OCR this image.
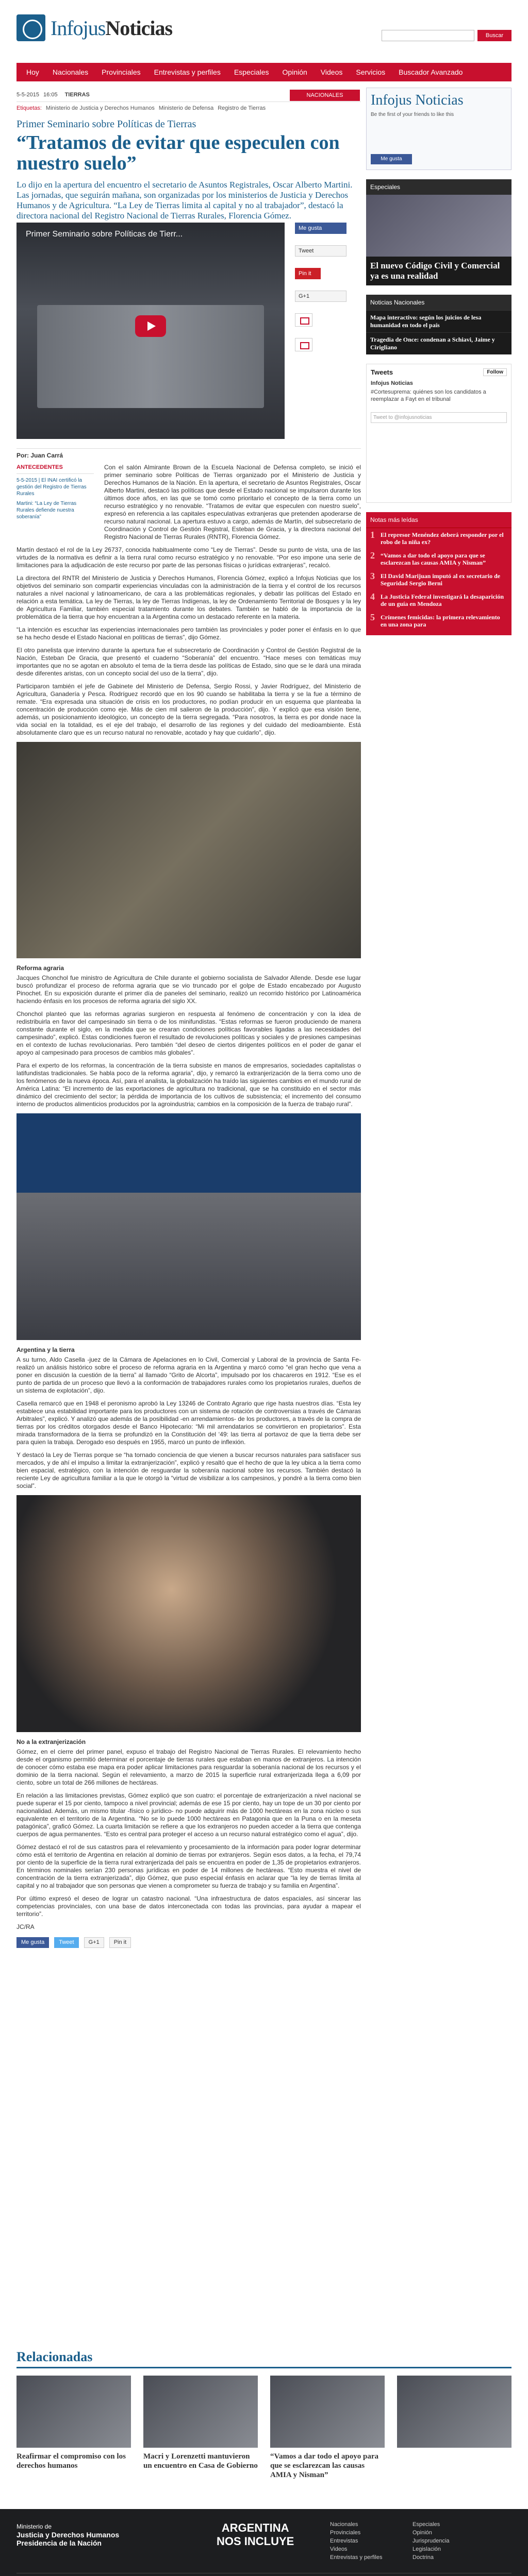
InfojusNoticias	Buscar
Hoy	Nacionales	Provinciales	Entrevistas y perfiles	Especiales	Opinión	Videos	Servicios	Buscador Avanzado
5-5-2015 16:05 TIERRAS	NACIONALES
Etiquetas: Ministerio de Justicia y Derechos Humanos Ministerio de Defensa Registro de Tierras
Primer Seminario sobre Políticas de Tierras
“Tratamos de evitar que especulen con nuestro suelo”
Lo dijo en la apertura del encuentro el secretario de Asuntos Registrales, Oscar Alberto Martini. Las jornadas, que seguirán mañana, son organizadas por los ministerios de Justicia y Derechos Humanos y de Agricultura. “La Ley de Tierras limita al capital y no al trabajador”, destacó la directora nacional del Registro Nacional de Tierras Rurales, Florencia Gómez.
Primer Seminario sobre Políticas de Tierr...
Me gusta
Tweet
Pin it
G+1
Por: Juan Carrá
ANTECEDENTES
5-5-2015 | El INAI certificó la gestión del Registro de Tierras Rurales
Martini: “La Ley de Tierras Rurales defiende nuestra soberanía”

Con el salón Almirante Brown de la Escuela Nacional de Defensa completo, se inició el primer seminario sobre Políticas de Tierras organizado por el Ministerio de Justicia y Derechos Humanos de la Nación. En la apertura, el secretario de Asuntos Registrales, Oscar Alberto Martini, destacó las políticas que desde el Estado nacional se impulsaron durante los últimos doce años, en las que se tomó como prioritario el concepto de la tierra como un recurso estratégico y no renovable. “Tratamos de evitar que especulen con nuestro suelo”, expresó en referencia a las capitales especulativas extranjeras que pretenden apoderarse de recurso natural nacional. La apertura estuvo a cargo, además de Martín, del subsecretario de Coordinación y Control de Gestión Registral, Esteban de Gracia, y la directora nacional del Registro Nacional de Tierras Rurales (RNTR), Florencia Gómez.

Martín destacó el rol de la Ley 26737, conocida habitualmente como “Ley de Tierras”. Desde su punto de vista, una de las virtudes de la normativa es definir a la tierra rural como recurso estratégico y no renovable. “Por eso impone una serie de limitaciones para la adjudicación de este recurso por parte de las personas físicas o jurídicas extranjeras”, recalcó.

La directora del RNTR del Ministerio de Justicia y Derechos Humanos, Florencia Gómez, explicó a Infojus Noticias que los objetivos del seminario son compartir experiencias vinculadas con la administración de la tierra y el control de los recursos naturales a nivel nacional y latinoamericano, de cara a las problemáticas regionales, y debatir las políticas del Estado en relación a esta temática. La ley de Tierras, la ley de Tierras Indígenas, la ley de Ordenamiento Territorial de Bosques y la ley de Agricultura Familiar, también especial tratamiento durante los debates. También se habló de la importancia de la problemática de la tierra que hoy encuentran a la Argentina como un destacado referente en la materia.

“La intención es escuchar las experiencias internacionales pero también las provinciales y poder poner el énfasis en lo que se ha hecho desde el Estado Nacional en políticas de tierras”, dijo Gómez.

El otro panelista que intervino durante la apertura fue el subsecretario de Coordinación y Control de Gestión Registral de la Nación, Esteban De Gracia, que presentó el cuaderno “Soberanía” del encuentro. “Hace meses con temáticas muy importantes que no se agotan en absoluto el tema de la tierra desde las políticas de Estado, sino que se le dará una mirada desde diferentes aristas, con un concepto social del uso de la tierra”, dijo.

Participaron también el jefe de Gabinete del Ministerio de Defensa, Sergio Rossi, y Javier Rodríguez, del Ministerio de Agricultura, Ganadería y Pesca. Rodríguez recordó que en los 90 cuando se habilitaba la tierra y se la fue a término de remate. “Era expresada una situación de crisis en los productores, no podían producir en un esquema que planteaba la concentración de producción como eje. Más de cien mil salieron de la producción”, dijo. Y explicó que esa visión tiene, además, un posicionamiento ideológico, un concepto de la tierra segregada. “Para nosotros, la tierra es por donde nace la vida social en la totalidad, es el eje del trabajo, el desarrollo de las regiones y del cuidado del medioambiente. Está absolutamente claro que es un recurso natural no renovable, acotado y hay que cuidarlo”, dijo.

Reforma agraria

Jacques Chonchol fue ministro de Agricultura de Chile durante el gobierno socialista de Salvador Allende. Desde ese lugar buscó profundizar el proceso de reforma agraria que se vio truncado por el golpe de Estado encabezado por Augusto Pinochet. En su exposición durante el primer día de paneles del seminario, realizó un recorrido histórico por Latinoamérica haciendo énfasis en los procesos de reforma agraria del siglo XX.

Chonchol planteó que las reformas agrarias surgieron en respuesta al fenómeno de concentración y con la idea de redistribuirla en favor del campesinado sin tierra o de los minifundistas. “Estas reformas se fueron produciendo de manera constante durante el siglo, en la medida que se crearan condiciones políticas favorables ligadas a las necesidades del campesinado”, explicó. Estas condiciones fueron el resultado de revoluciones políticas y sociales y de presiones campesinas en el contexto de luchas revolucionarias. Pero también “del deseo de ciertos dirigentes políticos en el poder de ganar el apoyo al campesinado para procesos de cambios más globales”.

Para el experto de los reformas, la concentración de la tierra subsiste en manos de empresarios, sociedades capitalistas o latifundistas tradicionales. Se habla poco de la reforma agraria”, dijo, y remarcó la extranjerización de la tierra como uno de los fenómenos de la nueva época. Así, para el analista, la globalización ha traído las siguientes cambios en el mundo rural de América Latina: “El incremento de las exportaciones de agricultura no tradicional, que se ha constituido en el sector más dinámico del crecimiento del sector; la pérdida de importancia de los cultivos de subsistencia; el incremento del consumo interno de productos alimenticios producidos por la agroindustria; cambios en la composición de la fuerza de trabajo rural”.

Argentina y la tierra

A su turno, Aldo Casella -juez de la Cámara de Apelaciones en lo Civil, Comercial y Laboral de la provincia de Santa Fe- realizó un análisis histórico sobre el proceso de reforma agraria en la Argentina y marcó como “el gran hecho que vena a poner en discusión la cuestión de la tierra” al llamado “Grito de Alcorta”, impulsado por los chacareros en 1912. “Ese es el punto de partida de un proceso que llevó a la conformación de trabajadores rurales como los propietarios rurales, dueños de un sistema de explotación”, dijo.

Casella remarcó que en 1948 el peronismo aprobó la Ley 13246 de Contrato Agrario que rige hasta nuestros días. “Esta ley establece una estabilidad importante para los productores con un sistema de rotación de controversias a través de Cámaras Arbitrales”, explicó. Y analizó que además de la posibilidad -en arrendamientos- de los productores, a través de la compra de tierras por los créditos otorgados desde el Banco Hipotecario: “Mi mil arrendatarios se convirtieron en propietarios”. Esta mirada transformadora de la tierra se profundizó en la Constitución del ‘49: las tierra al portavoz de que la tierra debe ser para quien la trabaja. Derogado eso después en 1955, marcó un punto de inflexión.

Y destacó la Ley de Tierras porque se “ha tornado conciencia de que vienen a buscar recursos naturales para satisfacer sus mercados, y de ahí el impulso a limitar la extranjerización”, explicó y resaltó que el hecho de que la ley ubica a la tierra como bien espacial, estratégico, con la intención de resguardar la soberanía nacional sobre los recursos. También destacó la reciente Ley de agricultura familiar a la que le otorgó la “virtud de visibilizar a los campesinos, y pondré a la tierra como bien social”.

No a la extranjerización

Gómez, en el cierre del primer panel, expuso el trabajo del Registro Nacional de Tierras Rurales. El relevamiento hecho desde el organismo permitió determinar el porcentaje de tierras rurales que estaban en manos de extranjeros. La intención de conocer cómo estaba ese mapa era poder aplicar limitaciones para resguardar la soberanía nacional de los recursos y el dominio de la tierra nacional. Según el relevamiento, a marzo de 2015 la superficie rural extranjerizada llega a 6,09 por ciento, sobre un total de 266 millones de hectáreas.

En relación a las limitaciones previstas, Gómez explicó que son cuatro: el porcentaje de extranjerización a nivel nacional se puede superar el 15 por ciento, tampoco a nivel provincial; además de ese 15 por ciento, hay un tope de un 30 por ciento por nacionalidad. Además, un mismo titular -físico o jurídico- no puede adquirir más de 1000 hectáreas en la zona núcleo o sus equivalente en el territorio de la Argentina. “No se lo puede 1000 hectáreas en Patagonia que en la Puna o en la meseta patagónica”, graficó Gómez. La cuarta limitación se refiere a que los extranjeros no pueden acceder a la tierra que contenga cuerpos de agua permanentes. “Esto es central para proteger el acceso a un recurso natural estratégico como el agua”, dijo.

Gómez destacó el rol de sus catastros para el relevamiento y procesamiento de la información para poder lograr determinar cómo está el territorio de Argentina en relación al dominio de tierras por extranjeros. Según esos datos, a la fecha, el 79,74 por ciento de la superficie de la tierra rural extranjerizada del país se encuentra en poder de 1,35 de propietarios extranjeros. En términos nominales serían 230 personas jurídicas en poder de 14 millones de hectáreas. “Esto muestra el nivel de concentración de la tierra extranjerizada”, dijo Gómez, que puso especial énfasis en aclarar que “la ley de tierras limita al capital y no al trabajador que son personas que vienen a comprometer su fuerza de trabajo y su familia en Argentina”.

Por último expresó el deseo de lograr un catastro nacional. “Una infraestructura de datos espaciales, así sincerar las competencias provinciales, con una base de datos interconectada con todas las provincias, para ayudar a mapear el territorio”.

JC/RA

Me gusta	Tweet	G+1	Pin it
Infojus Noticias
Be the first of your friends to like this
Me gusta
Especiales
El nuevo Código Civil y Comercial ya es una realidad
Noticias Nacionales
Mapa interactivo: según los juicios de lesa humanidad en todo el país
Tragedia de Once: condenan a Schiavi, Jaime y Cirigliano
Tweets	Follow
Infojus Noticias
#Cortesuprema: quiénes son los candidatos a reemplazar a Fayt en el tribunal
Tweet to @infojusnoticias
Notas más leídas
1 El represor Menéndez deberá responder por el robo de la niña ex?
2 “Vamos a dar todo el apoyo para que se esclarezcan las causas AMIA y Nisman”
3 El David Marijuan imputó al ex secretario de Seguridad Sergio Berni
4 La Justicia Federal investigará la desaparición de un guía en Mendoza
5 Crímenes femicidas: la primera relevamiento en una zona para
Relacionadas
Reafirmar el compromiso con los derechos humanos
Macri y Lorenzetti mantuvieron un encuentro en Casa de Gobierno
“Vamos a dar todo el apoyo para que se esclarezcan las causas AMIA y Nisman”
Ministerio de
Justicia y Derechos Humanos
Presidencia de la Nación
ARGENTINA
NOS INCLUYE
Nacionales	Especiales
Provinciales	Opinión
Entrevistas	Jurisprudencia
Videos	Legislación
Entrevistas y perfiles	Doctrina
